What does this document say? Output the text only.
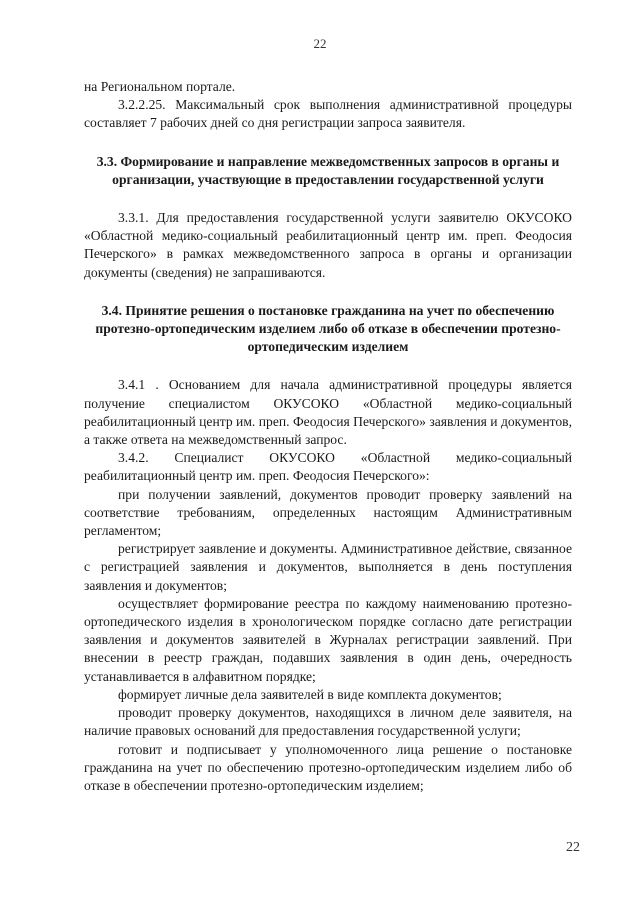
22

на Региональном портале.

3.2.2.25. Максимальный срок выполнения административной процедуры составляет 7 рабочих дней со дня регистрации запроса заявителя.

3.3. Формирование и направление межведомственных запросов в органы и организации, участвующие в предоставлении государственной услуги

3.3.1. Для предоставления государственной услуги заявителю ОКУСОКО «Областной медико-социальный реабилитационный центр им. преп. Феодосия Печерского» в рамках межведомственного запроса в органы и организации документы (сведения) не запрашиваются.

3.4. Принятие решения о постановке гражданина на учет по обеспечению протезно-ортопедическим изделием либо об отказе в обеспечении протезно-ортопедическим изделием

3.4.1 . Основанием для начала административной процедуры является получение специалистом ОКУСОКО «Областной медико-социальный реабилитационный центр им. преп. Феодосия Печерского» заявления и документов, а также ответа на межведомственный запрос.

3.4.2. Специалист ОКУСОКО «Областной медико-социальный реабилитационный центр им. преп. Феодосия Печерского»:

при получении заявлений, документов проводит проверку заявлений на соответствие требованиям, определенных настоящим Административным регламентом;

регистрирует заявление и документы. Административное действие, связанное с регистрацией заявления и документов, выполняется в день поступления заявления и документов;

осуществляет формирование реестра по каждому наименованию протезно-ортопедического изделия в хронологическом порядке согласно дате регистрации заявления и документов заявителей в Журналах регистрации заявлений. При внесении в реестр граждан, подавших заявления в один день, очередность устанавливается в алфавитном порядке;

формирует личные дела заявителей в виде комплекта документов;

проводит проверку документов, находящихся в личном деле заявителя, на наличие правовых оснований для предоставления государственной услуги;

готовит и подписывает у уполномоченного лица решение о постановке гражданина на учет по обеспечению протезно-ортопедическим изделием либо об отказе в обеспечении протезно-ортопедическим изделием;

22
